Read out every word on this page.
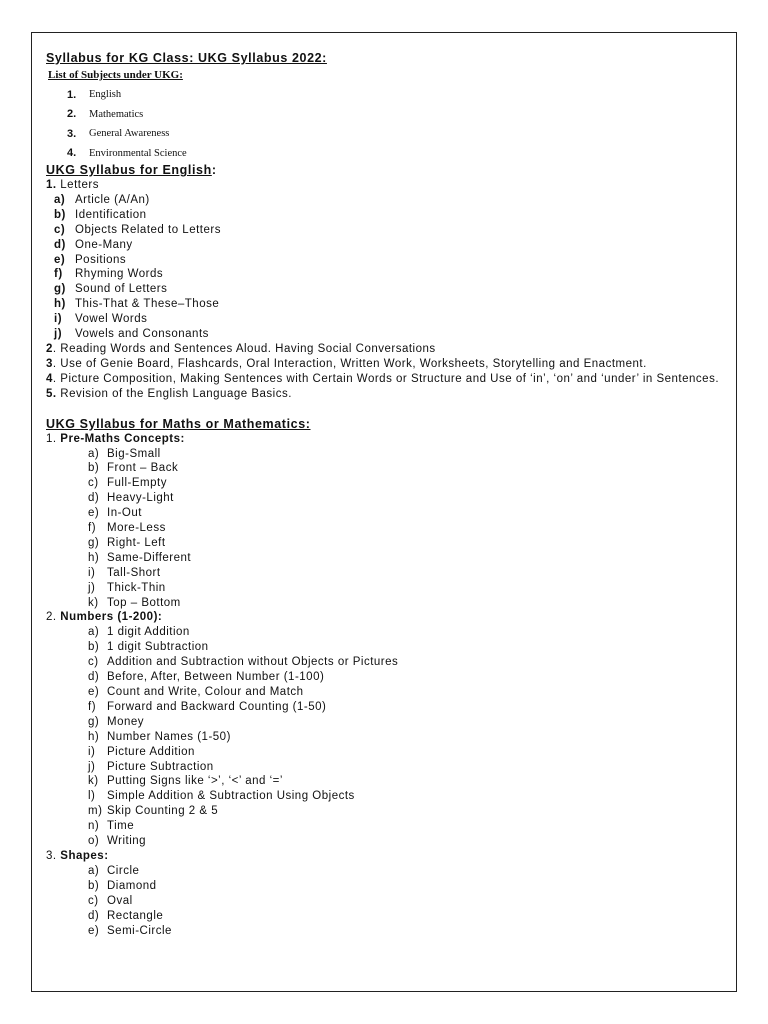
Syllabus for KG Class: UKG Syllabus 2022:

List of Subjects under UKG:

1.	English
2.	Mathematics
3.	General Awareness
4.	Environmental Science

UKG Syllabus for English:

1. Letters

a) Article (A/An)
b) Identification
c) Objects Related to Letters
d) One-Many
e) Positions
f)	Rhyming Words
g) Sound of Letters
h) This-That & These–Those
i)	Vowel Words
j)	Vowels and Consonants

2. Reading Words and Sentences Aloud. Having Social Conversations

3. Use of Genie Board, Flashcards, Oral Interaction, Written Work, Worksheets, Storytelling and Enactment.

4. Picture Composition, Making Sentences with Certain Words or Structure and Use of ‘in’, ‘on’ and ‘under’ in Sentences.

5. Revision of the English Language Basics.

UKG Syllabus for Maths or Mathematics:

1. Pre-Maths Concepts:

a) Big-Small
b) Front – Back
c) Full-Empty
d) Heavy-Light
e) In-Out
f) More-Less
g) Right- Left
h) Same-Different
i)	Tall-Short
j)	Thick-Thin
k) Top – Bottom

2. Numbers (1-200):

a) 1 digit Addition
b) 1 digit Subtraction
c) Addition and Subtraction without Objects or Pictures
d) Before, After, Between Number (1-100)
e) Count and Write, Colour and Match
f) Forward and Backward Counting (1-50)
g) Money
h) Number Names (1-50)
i)	Picture Addition
j)	Picture Subtraction
k) Putting Signs like ‘>’, ‘<’ and ‘=’
l)	Simple Addition & Subtraction Using Objects
m) Skip Counting 2 & 5
n) Time
o) Writing

3. Shapes:

a) Circle
b) Diamond
c) Oval
d) Rectangle
e) Semi-Circle
